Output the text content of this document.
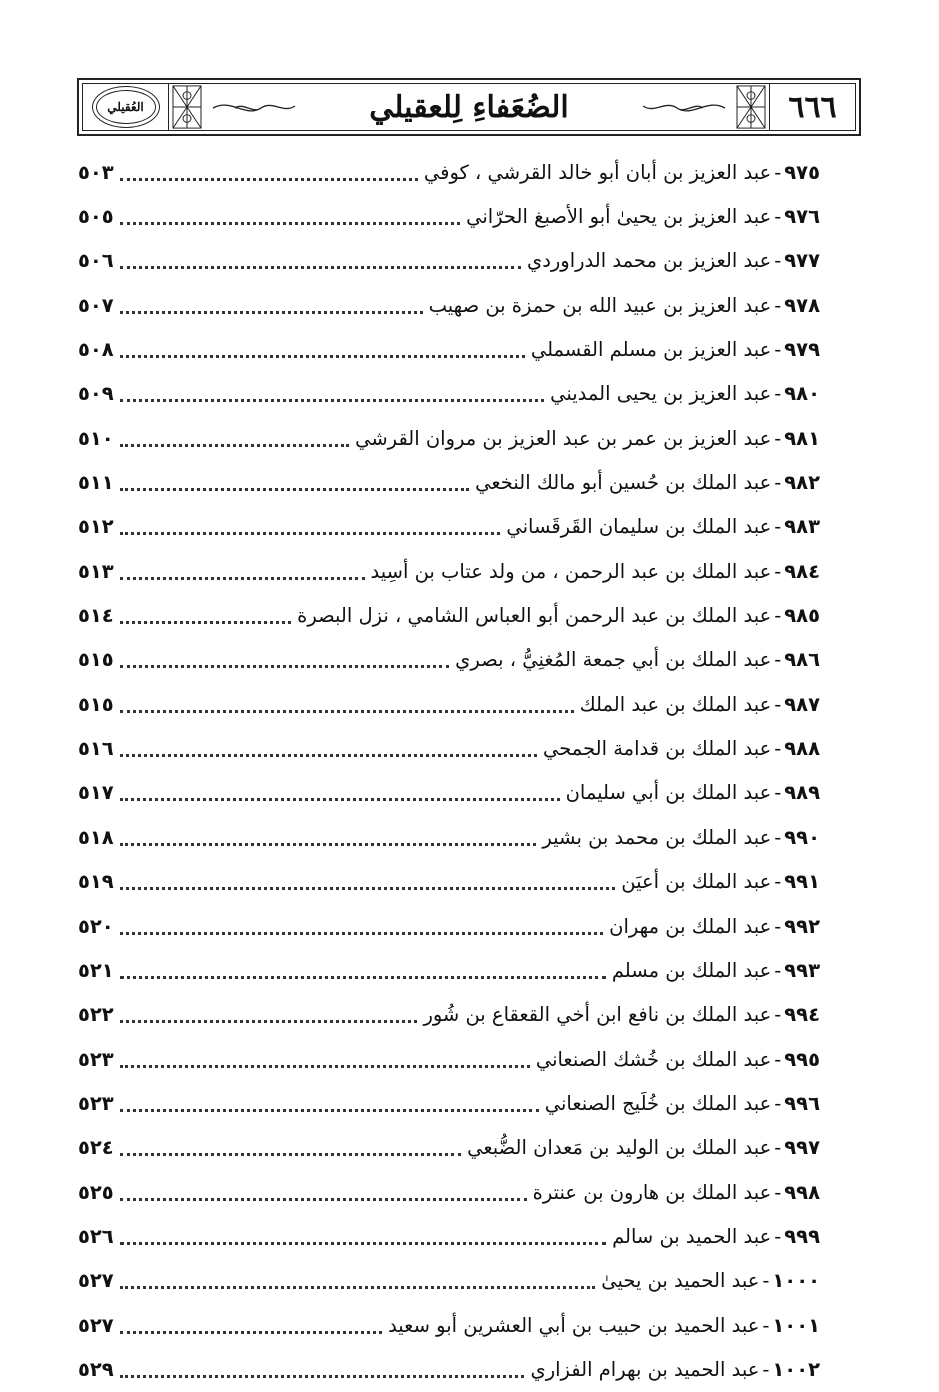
٦٦٦
الضُعَفاءِ لِلعقيلي
العُقيلي
٩٧٥
-
عبد العزيز بن أبان أبو خالد القرشي ، كوفي
٥٠٣
٩٧٦
-
عبد العزيز بن يحيىٰ أبو الأصبغ الحرّاني
٥٠٥
٩٧٧
-
عبد العزيز بن محمد الدراوردي
٥٠٦
٩٧٨
-
عبد العزيز بن عبيد الله بن حمزة بن صهيب
٥٠٧
٩٧٩
-
عبد العزيز بن مسلم القسملي
٥٠٨
٩٨٠
-
عبد العزيز بن يحيى المديني
٥٠٩
٩٨١
-
عبد العزيز بن عمر بن عبد العزيز بن مروان القرشي
٥١٠
٩٨٢
-
عبد الملك بن حُسين أبو مالك النخعي
٥١١
٩٨٣
-
عبد الملك بن سليمان القَرقَساني
٥١٢
٩٨٤
-
عبد الملك بن عبد الرحمن ، من ولد عتاب بن أسِيد
٥١٣
٩٨٥
-
عبد الملك بن عبد الرحمن أبو العباس الشامي ، نزل البصرة
٥١٤
٩٨٦
-
عبد الملك بن أبي جمعة المُغنِيُّ ، بصري
٥١٥
٩٨٧
-
عبد الملك بن عبد الملك
٥١٥
٩٨٨
-
عبد الملك بن قدامة الجمحي
٥١٦
٩٨٩
-
عبد الملك بن أبي سليمان
٥١٧
٩٩٠
-
عبد الملك بن محمد بن بشير
٥١٨
٩٩١
-
عبد الملك بن أعيَن
٥١٩
٩٩٢
-
عبد الملك بن مهران
٥٢٠
٩٩٣
-
عبد الملك بن مسلم
٥٢١
٩٩٤
-
عبد الملك بن نافع ابن أخي القعقاع بن شُور
٥٢٢
٩٩٥
-
عبد الملك بن خُشك الصنعاني
٥٢٣
٩٩٦
-
عبد الملك بن خُلَيج الصنعاني
٥٢٣
٩٩٧
-
عبد الملك بن الوليد بن مَعدان الضُّبعي
٥٢٤
٩٩٨
-
عبد الملك بن هارون بن عنترة
٥٢٥
٩٩٩
-
عبد الحميد بن سالم
٥٢٦
١٠٠٠
-
عبد الحميد بن يحيىٰ
٥٢٧
١٠٠١
-
عبد الحميد بن حبيب بن أبي العشرين أبو سعيد
٥٢٧
١٠٠٢
-
عبد الحميد بن بهرام الفزاري
٥٢٩
